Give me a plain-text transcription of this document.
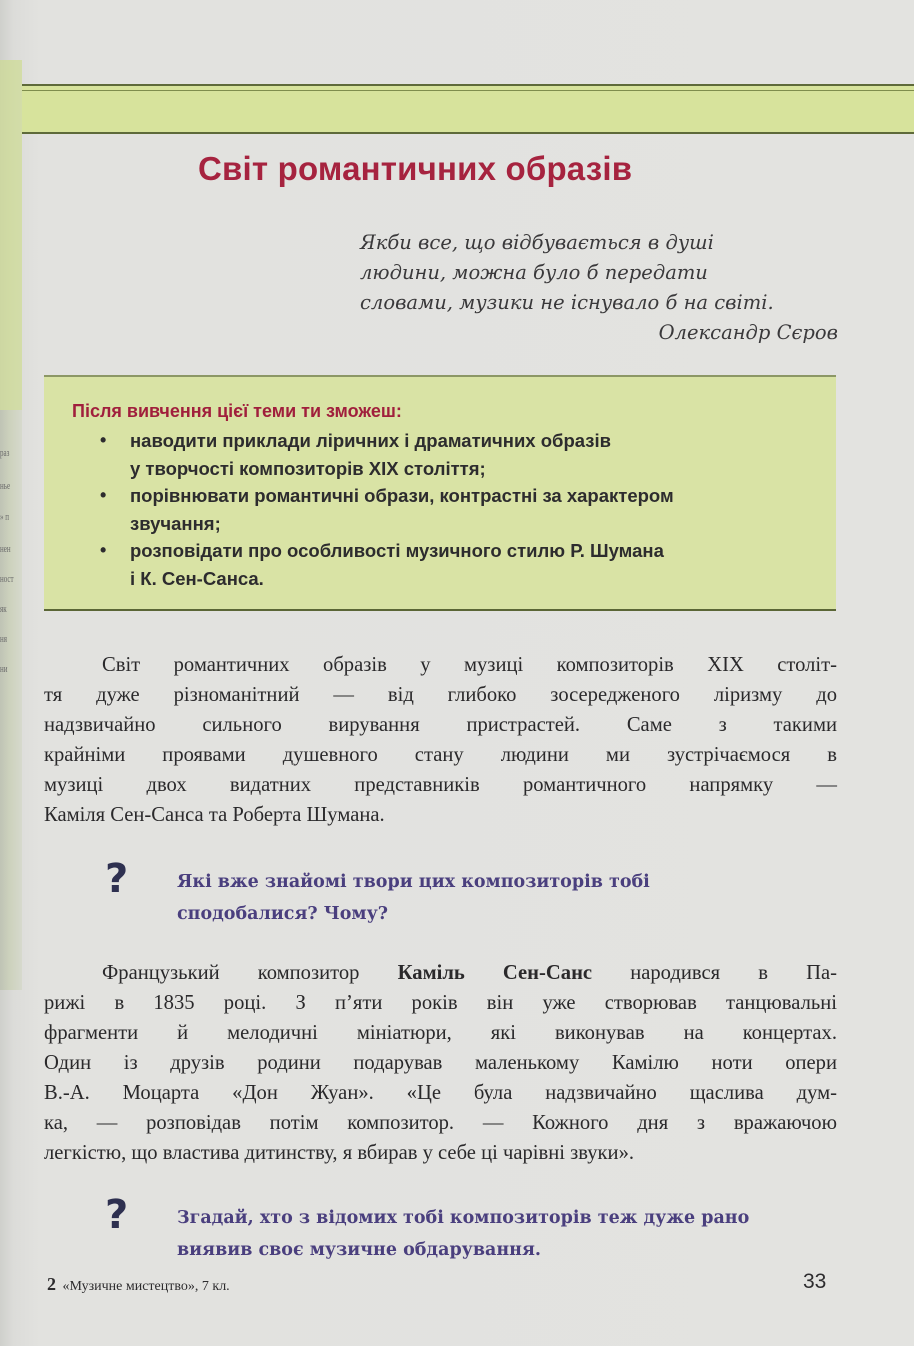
раз
нье
» п
нен
ност
як
ня
ни
Світ романтичних образів
Якби все, що відбувається в душі
людини, можна було б передати
словами, музики не існувало б на світі.
Олександр Сєров
Після вивчення цієї теми ти зможеш:
• наводити приклади ліричних і драматичних образів
у творчості композиторів XIX століття;
• порівнювати романтичні образи, контрастні за характером
звучання;
• розповідати про особливості музичного стилю Р. Шумана
і К. Сен-Санса.
Світ романтичних образів у музиці композиторів XIX століт-
тя дуже різноманітний — від глибоко зосередженого ліризму до
надзвичайно сильного вирування пристрастей. Саме з такими
крайніми проявами душевного стану людини ми зустрічаємося в
музиці двох видатних представників романтичного напрямку —
Каміля Сен-Санса та Роберта Шумана.
?	Які вже знайомі твори цих композиторів тобі
сподобалися? Чому?
Французький композитор Каміль Сен-Санс народився в Па-
рижі в 1835 році. З п’яти років він уже створював танцювальні
фрагменти й мелодичні мініатюри, які виконував на концертах.
Один із друзів родини подарував маленькому Камілю ноти опери
В.-А. Моцарта «Дон Жуан». «Це була надзвичайно щаслива дум-
ка, — розповідав потім композитор. — Кожного дня з вражаючою
легкістю, що властива дитинству, я вбирав у себе ці чарівні звуки».
?	Згадай, хто з відомих тобі композиторів теж дуже рано
виявив своє музичне обдарування.
2 «Музичне мистецтво», 7 кл.	33
